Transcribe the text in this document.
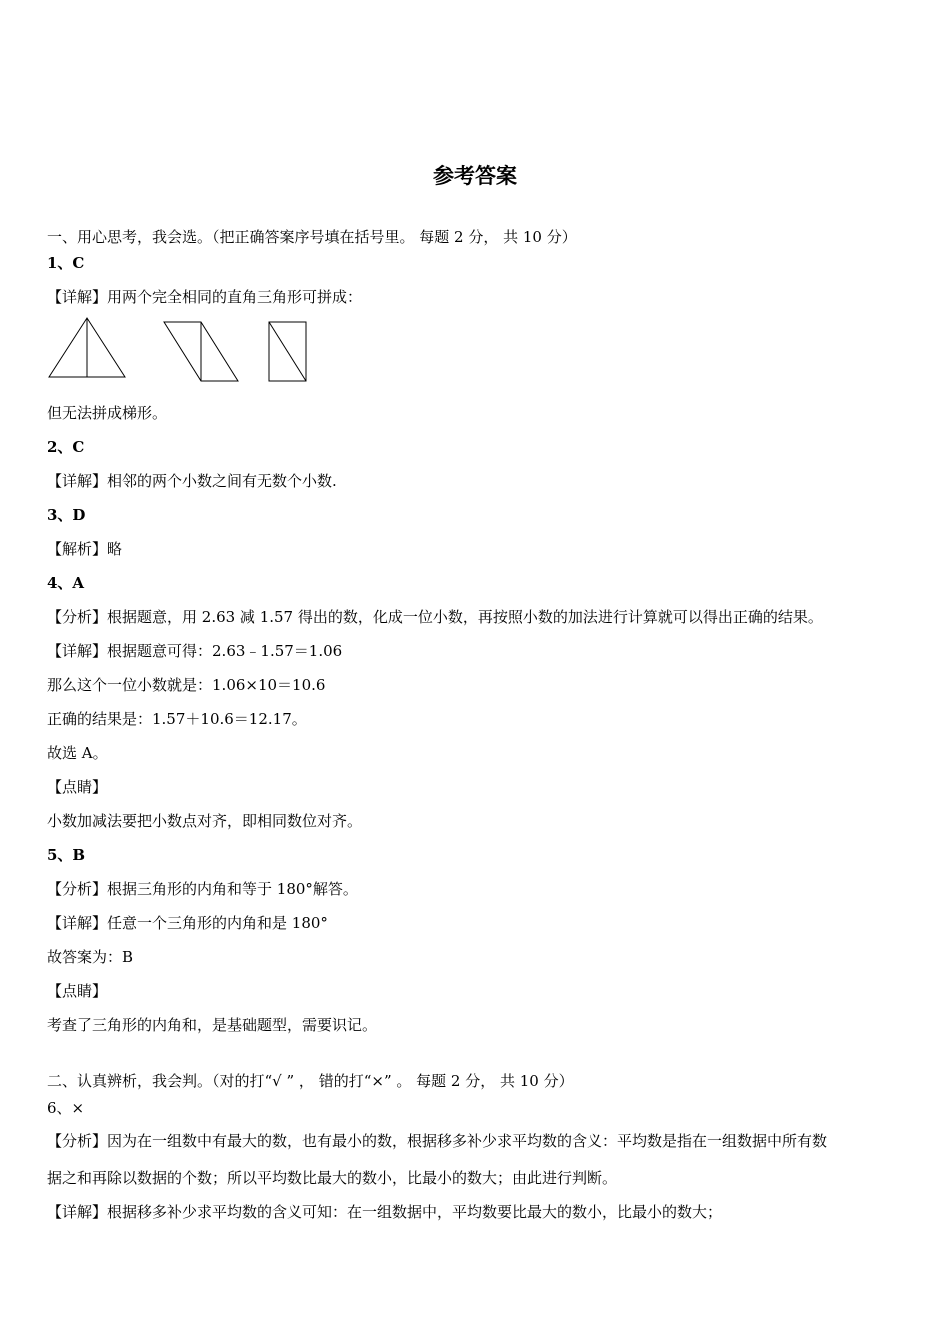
参考答案
一、用心思考，我会选。（把正确答案序号填在括号里。 每题 2 分， 共 10 分）
1、C
【详解】用两个完全相同的直角三角形可拼成：
但无法拼成梯形。
2、C
【详解】相邻的两个小数之间有无数个小数.
3、D
【解析】略
4、A
【分析】根据题意，用 2.63 减 1.57 得出的数，化成一位小数，再按照小数的加法进行计算就可以得出正确的结果。
【详解】根据题意可得：2.63﹣1.57＝1.06
那么这个一位小数就是：1.06×10＝10.6
正确的结果是：1.57＋10.6＝12.17。
故选 A。
【点睛】
小数加减法要把小数点对齐，即相同数位对齐。
5、B
【分析】根据三角形的内角和等于 180°解答。
【详解】任意一个三角形的内角和是 180°
故答案为：B
【点睛】
考查了三角形的内角和，是基础题型，需要识记。
二、认真辨析，我会判。（对的打“√ ” ， 错的打“×” 。 每题 2 分， 共 10 分）
6、×
【分析】因为在一组数中有最大的数，也有最小的数，根据移多补少求平均数的含义：平均数是指在一组数据中所有数
据之和再除以数据的个数；所以平均数比最大的数小，比最小的数大；由此进行判断。
【详解】根据移多补少求平均数的含义可知：在一组数据中，平均数要比最大的数小，比最小的数大；
